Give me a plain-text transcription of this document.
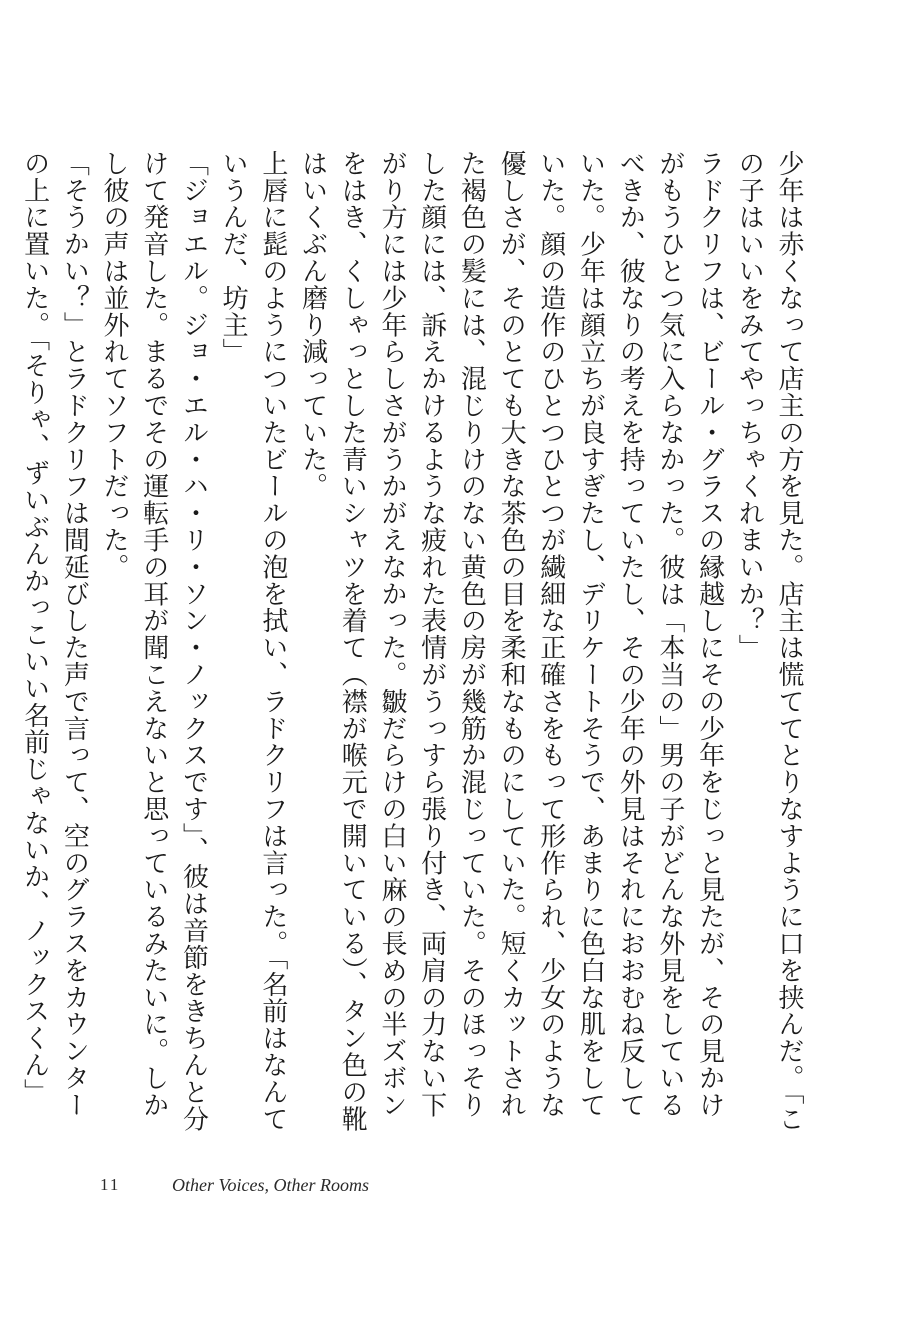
少年は赤くなって店主の方を見た。店主は慌ててとりなすように口を挟んだ。「この子はいいをみてやっちゃくれまいか？」

ラドクリフは、ビール・グラスの縁越しにその少年をじっと見たが、その見かけがもうひとつ気に入らなかった。彼は「本当の」男の子がどんな外見をしているべきか、彼なりの考えを持っていたし、その少年の外見はそれにおおむね反していた。少年は顔立ちが良すぎたし、デリケートそうで、あまりに色白な肌をしていた。顔の造作のひとつひとつが繊細な正確さをもって形作られ、少女のような優しさが、そのとても大きな茶色の目を柔和なものにしていた。短くカットされた褐色の髪には、混じりけのない黄色の房が幾筋か混じっていた。そのほっそりした顔には、訴えかけるような疲れた表情がうっすら張り付き、両肩の力ない下がり方には少年らしさがうかがえなかった。皺だらけの白い麻の長めの半ズボンをはき、くしゃっとした青いシャツを着て（襟が喉元で開いている）、タン色の靴はいくぶん磨り減っていた。

上唇に髭のようについたビールの泡を拭い、ラドクリフは言った。「名前はなんていうんだ、坊主」

「ジョエル。ジョ・エル・ハ・リ・ソン・ノックスです」、彼は音節をきちんと分けて発音した。まるでその運転手の耳が聞こえないと思っているみたいに。しかし彼の声は並外れてソフトだった。

「そうかい？」とラドクリフは間延びした声で言って、空のグラスをカウンターの上に置いた。「そりゃ、ずいぶんかっこいい名前じゃないか、ノックスくん」

11	Other Voices, Other Rooms
